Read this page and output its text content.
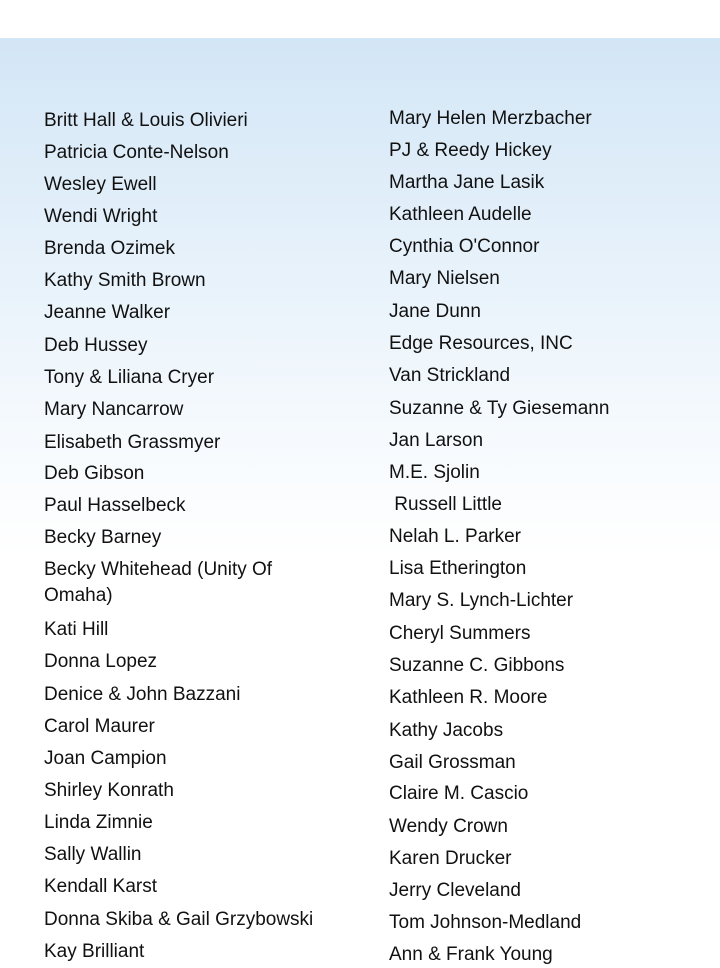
Britt Hall & Louis Olivieri
Patricia Conte-Nelson
Wesley Ewell
Wendi Wright
Brenda Ozimek
Kathy Smith Brown
Jeanne Walker
Deb Hussey
Tony & Liliana Cryer
Mary Nancarrow
Elisabeth Grassmyer
Deb Gibson
Paul Hasselbeck
Becky Barney
Becky Whitehead (Unity Of Omaha)
Kati Hill
Donna Lopez
Denice & John Bazzani
Carol Maurer
Joan Campion
Shirley Konrath
Linda Zimnie
Sally Wallin
Kendall Karst
Donna Skiba & Gail Grzybowski
Kay Brilliant
Mary Helen Merzbacher
PJ & Reedy Hickey
Martha Jane Lasik
Kathleen Audelle
Cynthia O'Connor
Mary Nielsen
Jane Dunn
Edge Resources, INC
Van Strickland
Suzanne & Ty Giesemann
Jan Larson
M.E. Sjolin
Russell Little
Nelah L. Parker
Lisa Etherington
Mary S. Lynch-Lichter
Cheryl Summers
Suzanne C. Gibbons
Kathleen R. Moore
Kathy Jacobs
Gail Grossman
Claire M. Cascio
Wendy Crown
Karen Drucker
Jerry Cleveland
Tom Johnson-Medland
Ann & Frank Young
